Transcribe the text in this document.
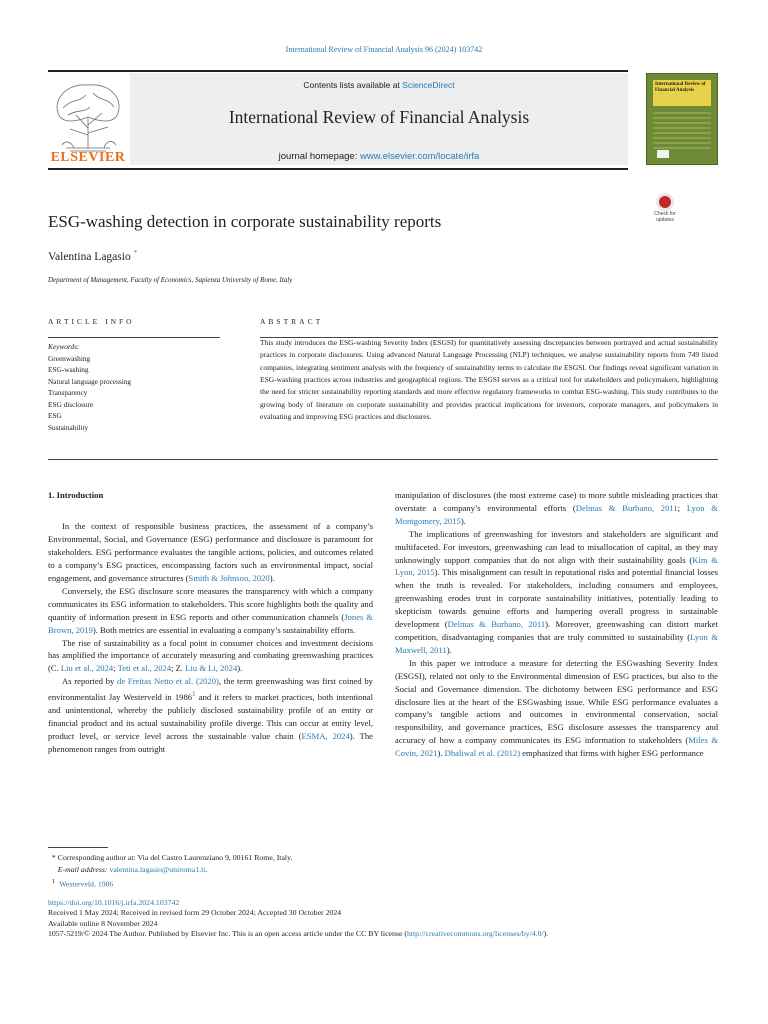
International Review of Financial Analysis 96 (2024) 103742
ELSEVIER
Contents lists available at ScienceDirect
International Review of Financial Analysis
journal homepage: www.elsevier.com/locate/irfa
International Review of Financial Analysis
Check for updates
ESG-washing detection in corporate sustainability reports
Valentina Lagasio *
Department of Management, Faculty of Economics, Sapienza University of Rome, Italy
ARTICLE INFO	ABSTRACT
Keywords:
Greenwashing
ESG-washing
Natural language processing
Transparency
ESG disclosure
ESG
Sustainability
This study introduces the ESG-washing Severity Index (ESGSI) for quantitatively assessing discrepancies between portrayed and actual sustainability practices in corporate disclosures. Using advanced Natural Language Processing (NLP) techniques, we analyse sustainability reports from 749 listed companies, integrating sentiment analysis with the frequency of sustainability terms to calculate the ESGSI. Our findings reveal significant variation in ESG-washing practices across industries and geographical regions. The ESGSI serves as a critical tool for stakeholders and policymakers, highlighting the need for stricter sustainability reporting standards and more effective regulatory frameworks to combat ESG-washing. This study contributes to the growing body of literature on corporate sustainability and provides practical implications for investors, corporate managers, and policymakers in evaluating and improving ESG practices and disclosures.

1. Introduction

In the context of responsible business practices, the assessment of a company’s Environmental, Social, and Governance (ESG) performance and disclosure is paramount for stakeholders. ESG performance evaluates the tangible actions, policies, and outcomes related to a company’s ESG practices, encompassing factors such as environmental impact, social engagement, and governance structures (Smith & Johnson, 2020).

Conversely, the ESG disclosure score measures the transparency with which a company communicates its ESG information to stakeholders. This score highlights both the quality and quantity of information present in ESG reports and other communication channels (Jones & Brown, 2019). Both metrics are essential in evaluating a company’s sustainability efforts.

The rise of sustainability as a focal point in consumer choices and investment decisions has amplified the importance of accurately measuring and combating greenwashing practices (C. Liu et al., 2024; Teti et al., 2024; Z. Liu & Li, 2024).

As reported by de Freitas Netto et al. (2020), the term greenwashing was first coined by environmentalist Jay Westerveld in 1986$^1$ and it refers to market practices, both intentional and unintentional, whereby the publicly disclosed sustainability profile of an entity or financial product and its actual sustainability profile diverge. This can occur at entity level, product level, or service level across the sustainable value chain (ESMA, 2024). The phenomenon ranges from outright

manipulation of disclosures (the most extreme case) to more subtle misleading practices that overstate a company’s environmental efforts (Delmas & Burbano, 2011; Lyon & Montgomery, 2015).

The implications of greenwashing for investors and stakeholders are significant and multifaceted. For investors, greenwashing can lead to misallocation of capital, as they may unknowingly support companies that do not align with their sustainability goals (Kim & Lyon, 2015). This misalignment can result in reputational risks and potential financial losses when the truth is revealed. For stakeholders, including consumers and employees, greenwashing erodes trust in corporate sustainability initiatives, potentially leading to skepticism towards genuine efforts and hampering overall progress in sustainable development (Delmas & Burbano, 2011). Moreover, greenwashing can distort market competition, disadvantaging companies that are truly committed to sustainability (Lyon & Maxwell, 2011).

In this paper we introduce a measure for detecting the ESGwashing Severity Index (ESGSI), related not only to the Environmental dimension of ESG practices, but also to the Social and Governance dimension. The dichotomy between ESG performance and ESG disclosure lies at the heart of the ESGwashing issue. While ESG performance evaluates a company’s tangible actions and outcomes in environmental conservation, social responsibility, and governance practices, ESG disclosure assesses the transparency and accuracy of how a company communicates its ESG information to stakeholders (Miles & Covin, 2021). Dhaliwal et al. (2012) emphasized that firms with higher ESG performance

* Corresponding author at: Via del Castro Laurenziano 9, 00161 Rome, Italy.
E-mail address: valentina.lagasio@uniroma1.it.
$^1$ Westerveld, 1986
https://doi.org/10.1016/j.irfa.2024.103742
Received 1 May 2024; Received in revised form 29 October 2024; Accepted 30 October 2024
Available online 8 November 2024
1057-5219/© 2024 The Author. Published by Elsevier Inc. This is an open access article under the CC BY license (http://creativecommons.org/licenses/by/4.0/).
